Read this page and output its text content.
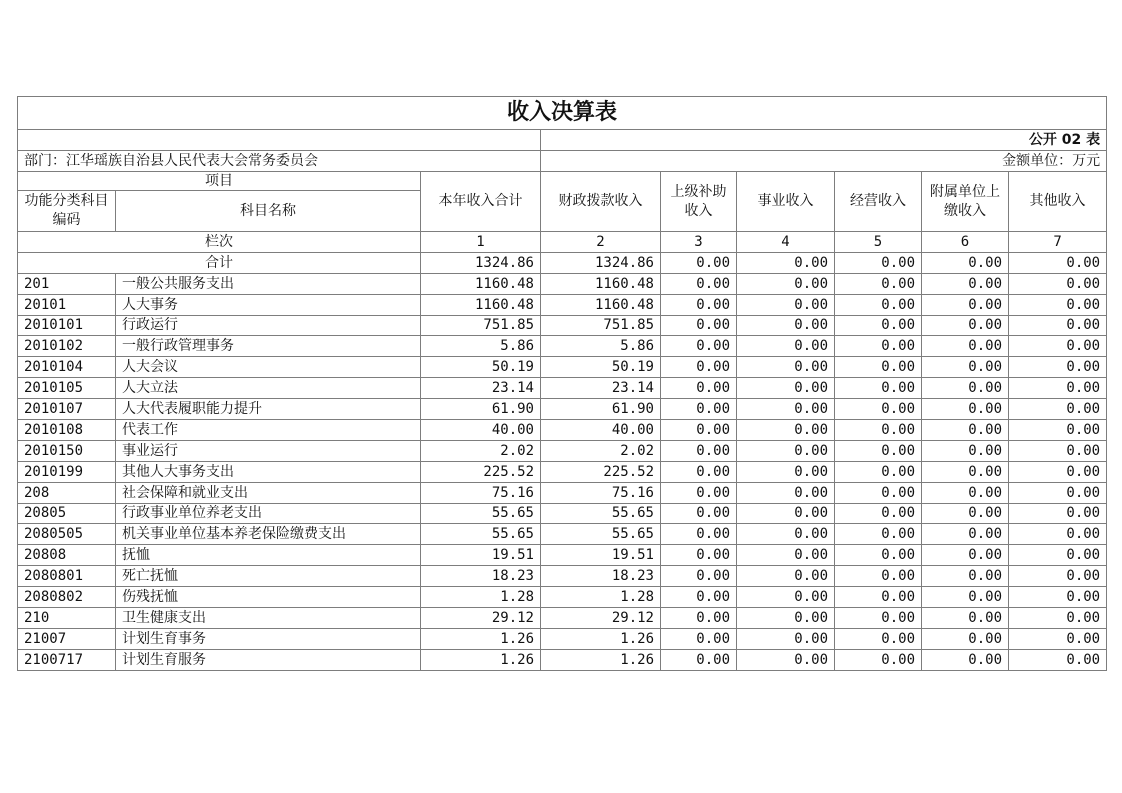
收入决算表								
			公开 02 表					
部门：江华瑶族自治县人民代表大会常务委员会			金额单位：万元					
项目		本年收入合计	财政拨款收入	上级补助收入	事业收入	经营收入	附属单位上缴收入	其他收入
功能分类科目编码	科目名称							
栏次		1	2	3	4	5	6	7
合计		1324.86	1324.86	0.00	0.00	0.00	0.00	0.00
201	一般公共服务支出	1160.48	1160.48	0.00	0.00	0.00	0.00	0.00
20101	人大事务	1160.48	1160.48	0.00	0.00	0.00	0.00	0.00
2010101	行政运行	751.85	751.85	0.00	0.00	0.00	0.00	0.00
2010102	一般行政管理事务	5.86	5.86	0.00	0.00	0.00	0.00	0.00
2010104	人大会议	50.19	50.19	0.00	0.00	0.00	0.00	0.00
2010105	人大立法	23.14	23.14	0.00	0.00	0.00	0.00	0.00
2010107	人大代表履职能力提升	61.90	61.90	0.00	0.00	0.00	0.00	0.00
2010108	代表工作	40.00	40.00	0.00	0.00	0.00	0.00	0.00
2010150	事业运行	2.02	2.02	0.00	0.00	0.00	0.00	0.00
2010199	其他人大事务支出	225.52	225.52	0.00	0.00	0.00	0.00	0.00
208	社会保障和就业支出	75.16	75.16	0.00	0.00	0.00	0.00	0.00
20805	行政事业单位养老支出	55.65	55.65	0.00	0.00	0.00	0.00	0.00
2080505	机关事业单位基本养老保险缴费支出	55.65	55.65	0.00	0.00	0.00	0.00	0.00
20808	抚恤	19.51	19.51	0.00	0.00	0.00	0.00	0.00
2080801	死亡抚恤	18.23	18.23	0.00	0.00	0.00	0.00	0.00
2080802	伤残抚恤	1.28	1.28	0.00	0.00	0.00	0.00	0.00
210	卫生健康支出	29.12	29.12	0.00	0.00	0.00	0.00	0.00
21007	计划生育事务	1.26	1.26	0.00	0.00	0.00	0.00	0.00
2100717	计划生育服务	1.26	1.26	0.00	0.00	0.00	0.00	0.00
